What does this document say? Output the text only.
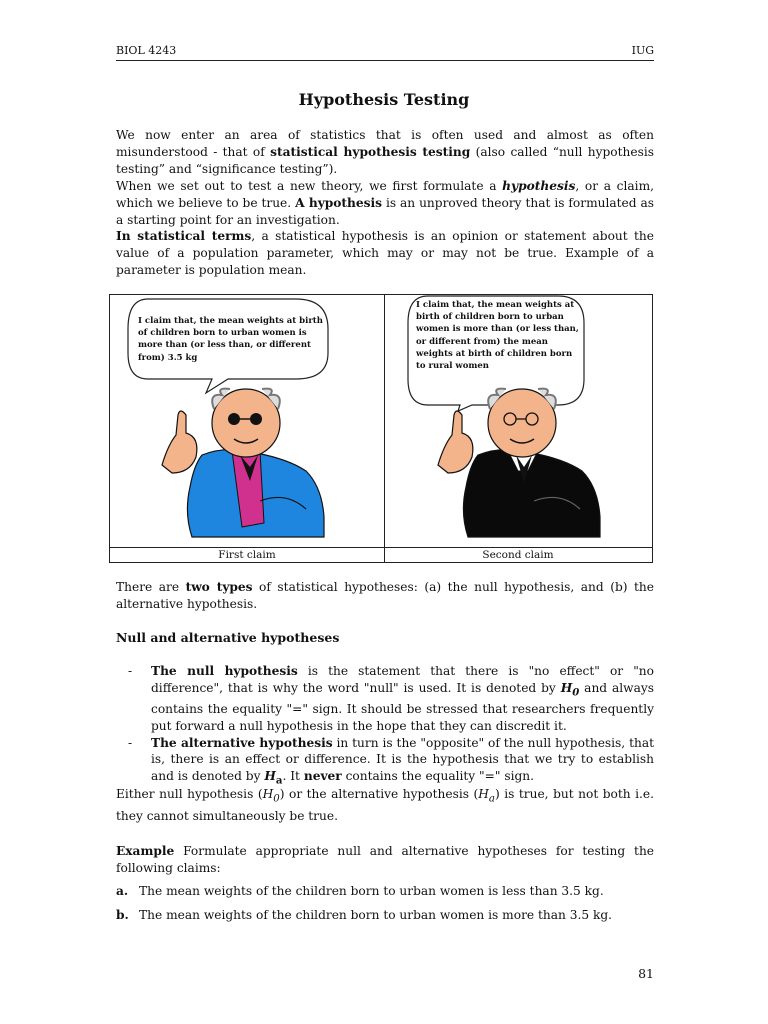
BIOL 4243	IUG
Hypothesis Testing

We now enter an area of statistics that is often used and almost as often misunderstood - that of statistical hypothesis testing (also called “null hypothesis testing” and “significance testing”).

When we set out to test a new theory, we first formulate a hypothesis, or a claim, which we believe to be true. A hypothesis is an unproved theory that is formulated as a starting point for an investigation.

In statistical terms, a statistical hypothesis is an opinion or statement about the value of a population parameter, which may or may not be true. Example of a parameter is population mean.

I claim that, the mean weights at birth of children born to urban women is more than (or less than, or different from) 3.5 kg
I claim that, the mean weights at birth of children born to urban women is more than (or less than, or different from) the mean weights at birth of children born to rural women
First claim	Second claim

There are two types of statistical hypotheses: (a) the null hypothesis, and (b) the alternative hypothesis.

Null and alternative hypotheses
- The null hypothesis is the statement that there is "no effect" or "no difference", that is why the word "null" is used. It is denoted by $H_0$ and always contains the equality "=" sign. It should be stressed that researchers frequently put forward a null hypothesis in the hope that they can discredit it.
- The alternative hypothesis in turn is the "opposite" of the null hypothesis, that is, there is an effect or difference. It is the hypothesis that we try to establish and is denoted by $H_a$. It never contains the equality "=" sign.

Either null hypothesis $(H_0)$ or the alternative hypothesis $(H_a)$ is true, but not both i.e. they cannot simultaneously be true.

Example Formulate appropriate null and alternative hypotheses for testing the following claims:

a. The mean weights of the children born to urban women is less than 3.5 kg.
b. The mean weights of the children born to urban women is more than 3.5 kg.
81
